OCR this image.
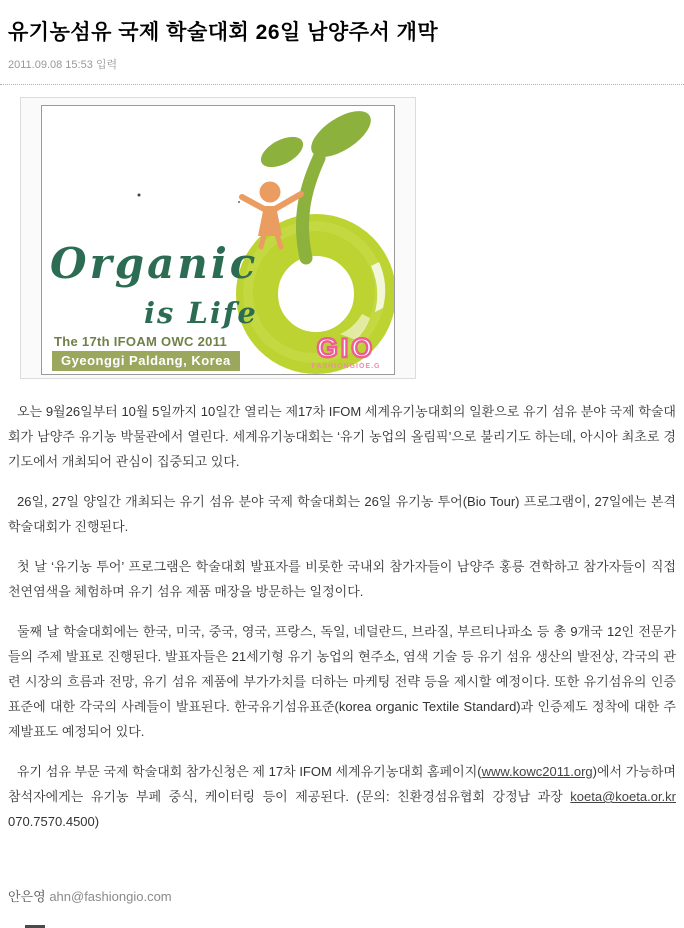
유기농섬유 국제 학술대회 26일 남양주서 개막
2011.09.08 15:53 입력
Organic
is Life
The 17th IFOAM OWC 2011
Gyeonggi Paldang, Korea	GIO
FASHIONGIOE.G

오는 9월26일부터 10월 5일까지 10일간 열리는 제17차 IFOM 세계유기농대회의 일환으로 유기 섬유 분야 국제 학술대회가 남양주 유기농 박물관에서 열린다. 세계유기농대회는 ‘유기 농업의 올림픽’으로 불리기도 하는데, 아시아 최초로 경기도에서 개최되어 관심이 집중되고 있다.

26일, 27일 양일간 개최되는 유기 섬유 분야 국제 학술대회는 26일 유기농 투어(Bio Tour) 프로그램이, 27일에는 본격 학술대회가 진행된다.

첫 날 ‘유기농 투어’ 프로그램은 학술대회 발표자를 비롯한 국내외 참가자들이 남양주 홍릉 견학하고 참가자들이 직접 천연염색을 체험하며 유기 섬유 제품 매장을 방문하는 일정이다.

둘째 날 학술대회에는 한국, 미국, 중국, 영국, 프랑스, 독일, 네덜란드, 브라질, 부르티나파소 등 총 9개국 12인 전문가들의 주제 발표로 진행된다. 발표자들은 21세기형 유기 농업의 현주소, 염색 기술 등 유기 섬유 생산의 발전상, 각국의 관련 시장의 흐름과 전망, 유기 섬유 제품에 부가가치를 더하는 마케팅 전략 등을 제시할 예정이다. 또한 유기섬유의 인증 표준에 대한 각국의 사례들이 발표된다. 한국유기섬유표준(korea organic Textile Standard)과 인증제도 정착에 대한 주제발표도 예정되어 있다.

유기 섬유 부문 국제 학술대회 참가신청은 제 17차 IFOM 세계유기농대회 홈페이지(www.kowc2011.org)에서 가능하며 참석자에게는 유기농 부페 중식, 케이터링 등이 제공된다. (문의: 친환경섬유협회 강정남 과장 koeta@koeta.or.kr 070.7570.4500)

안은영 ahn@fashiongio.com
